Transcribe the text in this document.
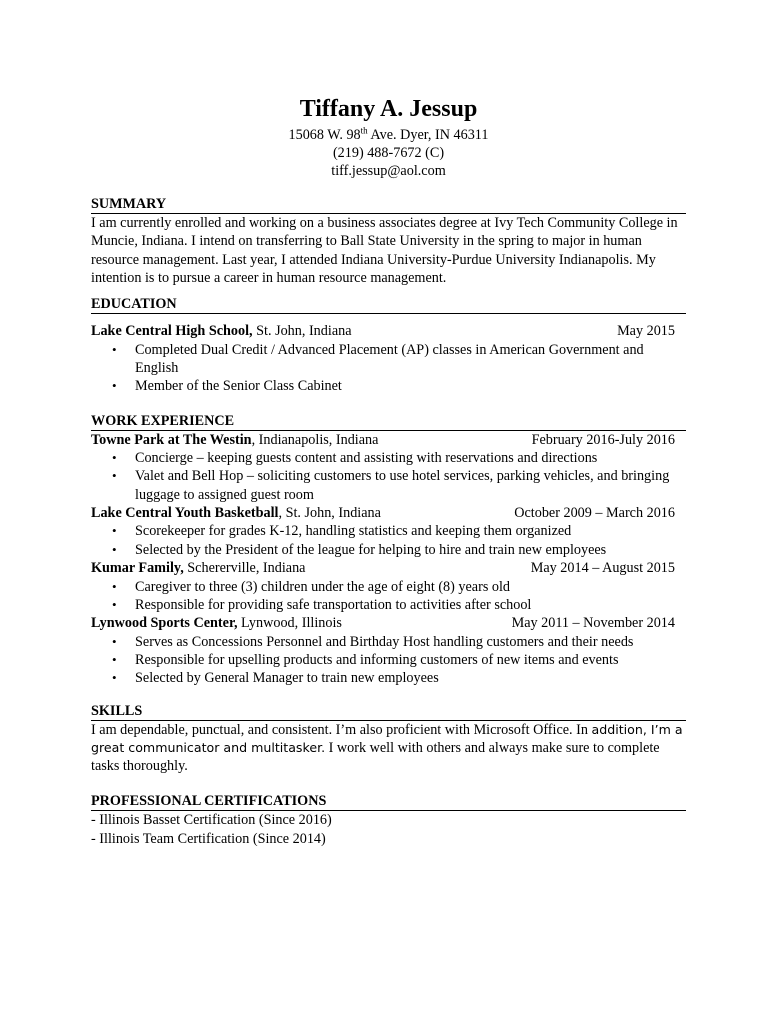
Tiffany A. Jessup
15068 W. 98th Ave. Dyer, IN 46311
(219) 488-7672 (C)
tiff.jessup@aol.com
SUMMARY
I am currently enrolled and working on a business associates degree at Ivy Tech Community College in Muncie, Indiana. I intend on transferring to Ball State University in the spring to major in human resource management. Last year, I attended Indiana University-Purdue University Indianapolis. My intention is to pursue a career in human resource management.
EDUCATION
Lake Central High School, St. John, Indiana	May 2015
• Completed Dual Credit / Advanced Placement (AP) classes in American Government and English
• Member of the Senior Class Cabinet
WORK EXPERIENCE
Towne Park at The Westin, Indianapolis, Indiana	February 2016-July 2016
• Concierge – keeping guests content and assisting with reservations and directions
• Valet and Bell Hop – soliciting customers to use hotel services, parking vehicles, and bringing luggage to assigned guest room
Lake Central Youth Basketball, St. John, Indiana	October 2009 – March 2016
• Scorekeeper for grades K-12, handling statistics and keeping them organized
• Selected by the President of the league for helping to hire and train new employees
Kumar Family, Schererville, Indiana	May 2014 – August 2015
• Caregiver to three (3) children under the age of eight (8) years old
• Responsible for providing safe transportation to activities after school
Lynwood Sports Center, Lynwood, Illinois	May 2011 – November 2014
• Serves as Concessions Personnel and Birthday Host handling customers and their needs
• Responsible for upselling products and informing customers of new items and events
• Selected by General Manager to train new employees
SKILLS
I am dependable, punctual, and consistent. I’m also proficient with Microsoft Office. In addition, I’m a great communicator and multitasker. I work well with others and always make sure to complete tasks thoroughly.
PROFESSIONAL CERTIFICATIONS
- Illinois Basset Certification (Since 2016)
- Illinois Team Certification (Since 2014)
